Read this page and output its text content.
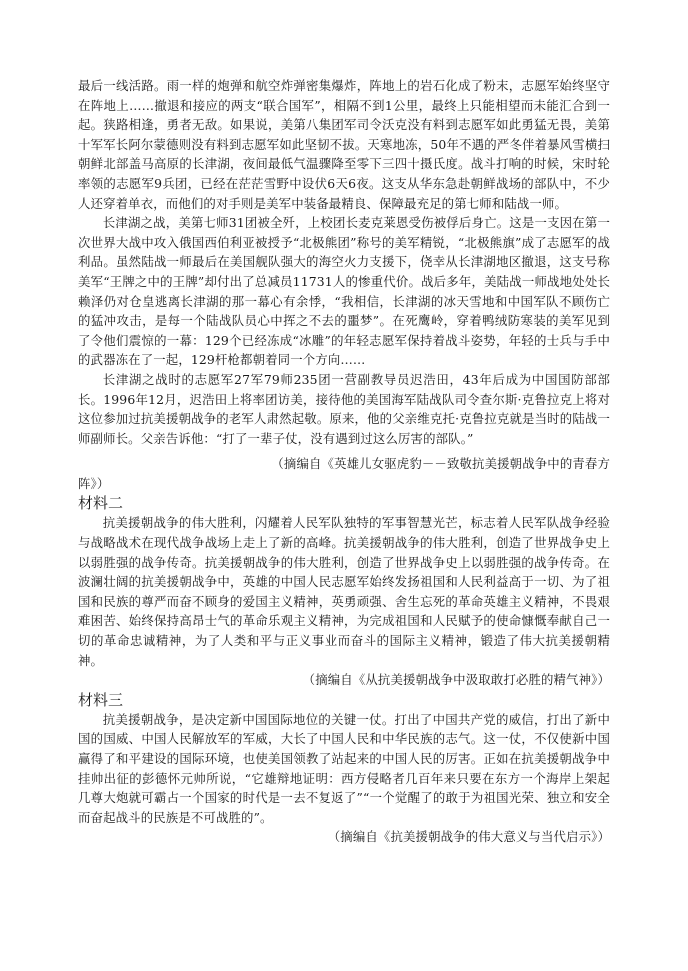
最后一线活路。雨一样的炮弹和航空炸弹密集爆炸，阵地上的岩石化成了粉末，志愿军始终坚守在阵地上……撤退和接应的两支“联合国军”，相隔不到1公里，最终上只能相望而未能汇合到一起。狭路相逢，勇者无敌。如果说，美第八集团军司令沃克没有料到志愿军如此勇猛无畏，美第十军军长阿尔蒙德则没有料到志愿军如此坚韧不拔。天寒地冻，50年不遇的严冬伴着暴风雪横扫朝鲜北部盖马高原的长津湖，夜间最低气温骤降至零下三四十摄氏度。战斗打响的时候，宋时轮率领的志愿军9兵团，已经在茫茫雪野中设伏6天6夜。这支从华东急赴朝鲜战场的部队中，不少人还穿着单衣，而他们的对手则是美军中装备最精良、保障最充足的第七师和陆战一师。

长津湖之战，美第七师31团被全歼，上校团长麦克莱恩受伤被俘后身亡。这是一支因在第一次世界大战中攻入俄国西伯利亚被授予“北极熊团”称号的美军精锐，“北极熊旗”成了志愿军的战利品。虽然陆战一师最后在美国舰队强大的海空火力支援下，侥幸从长津湖地区撤退，这支号称美军“王牌之中的王牌”却付出了总减员11731人的惨重代价。战后多年，美陆战一师战地处处长赖泽仍对仓皇逃离长津湖的那一幕心有余悸，“我相信，长津湖的冰天雪地和中国军队不顾伤亡的猛冲攻击，是每一个陆战队员心中挥之不去的噩梦”。在死鹰岭，穿着鸭绒防寒装的美军见到了令他们震惊的一幕：129个已经冻成“冰雕”的年轻志愿军保持着战斗姿势，年轻的士兵与手中的武器冻在了一起，129杆枪都朝着同一个方向……

长津湖之战时的志愿军27军79师235团一营副教导员迟浩田，43年后成为中国国防部部长。1996年12月，迟浩田上将率团访美，接待他的美国海军陆战队司令查尔斯·克鲁拉克上将对这位参加过抗美援朝战争的老军人肃然起敬。原来，他的父亲维克托·克鲁拉克就是当时的陆战一师副师长。父亲告诉他：“打了一辈子仗，没有遇到过这么厉害的部队。”

（摘编自《英雄儿女驱虎豹－－致敬抗美援朝战争中的青春方

阵》）

材料二

抗美援朝战争的伟大胜利，闪耀着人民军队独特的军事智慧光芒，标志着人民军队战争经验与战略战术在现代战争战场上走上了新的高峰。抗美援朝战争的伟大胜利，创造了世界战争史上以弱胜强的战争传奇。抗美援朝战争的伟大胜利，创造了世界战争史上以弱胜强的战争传奇。在波澜壮阔的抗美援朝战争中，英雄的中国人民志愿军始终发扬祖国和人民利益高于一切、为了祖国和民族的尊严而奋不顾身的爱国主义精神，英勇顽强、舍生忘死的革命英雄主义精神，不畏艰难困苦、始终保持高昂士气的革命乐观主义精神，为完成祖国和人民赋予的使命慷慨奉献自己一切的革命忠诚精神，为了人类和平与正义事业而奋斗的国际主义精神，锻造了伟大抗美援朝精神。

（摘编自《从抗美援朝战争中汲取敢打必胜的精气神》）

材料三

抗美援朝战争，是决定新中国国际地位的关键一仗。打出了中国共产党的威信，打出了新中国的国威、中国人民解放军的军威，大长了中国人民和中华民族的志气。这一仗，不仅使新中国赢得了和平建设的国际环境，也使美国领教了站起来的中国人民的厉害。正如在抗美援朝战争中挂帅出征的彭德怀元帅所说，“它雄辩地证明：西方侵略者几百年来只要在东方一个海岸上架起几尊大炮就可霸占一个国家的时代是一去不复返了”“一个觉醒了的敢于为祖国光荣、独立和安全而奋起战斗的民族是不可战胜的”。

（摘编自《抗美援朝战争的伟大意义与当代启示》）
